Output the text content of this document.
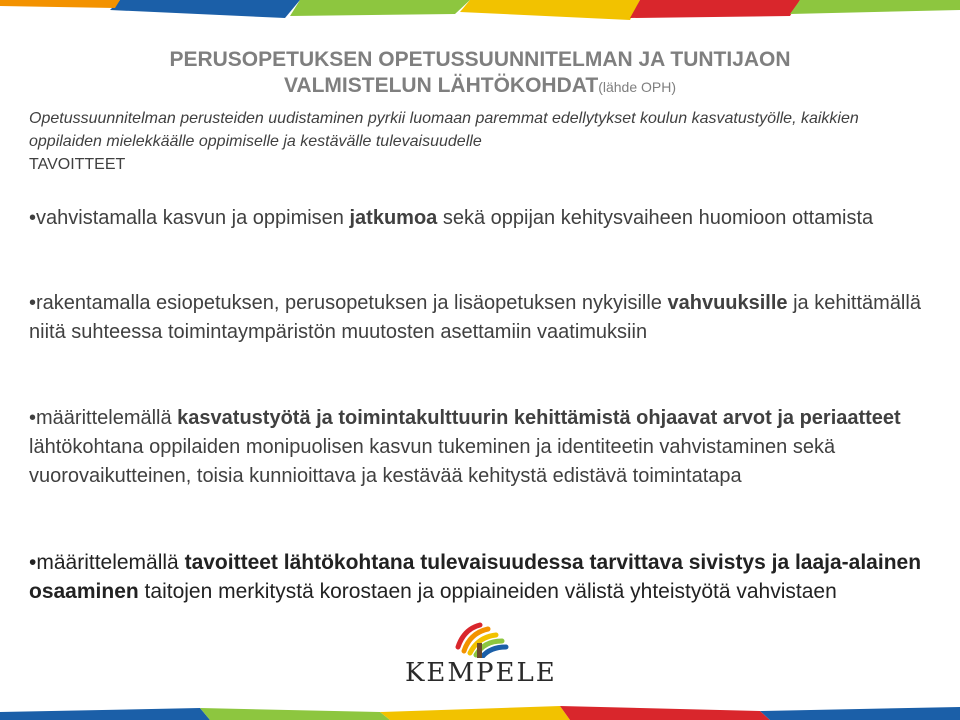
PERUSOPETUKSEN OPETUSSUUNNITELMAN JA TUNTIJAON
VALMISTELUN LÄHTÖKOHDAT(lähde OPH)
Opetussuunnitelman perusteiden uudistaminen pyrkii luomaan paremmat edellytykset koulun kasvatustyölle, kaikkien oppilaiden mielekkäälle oppimiselle ja kestävälle tulevaisuudelle
TAVOITTEET
•vahvistamalla kasvun ja oppimisen jatkumoa sekä oppijan kehitysvaiheen huomioon ottamista
•rakentamalla esiopetuksen, perusopetuksen ja lisäopetuksen nykyisille vahvuuksille ja kehittämällä niitä suhteessa toimintaympäristön muutosten asettamiin vaatimuksiin
•määrittelemällä kasvatustyötä ja toimintakulttuurin kehittämistä ohjaavat arvot ja periaatteet lähtökohtana oppilaiden monipuolisen kasvun tukeminen ja identiteetin vahvistaminen sekä vuorovaikutteinen, toisia kunnioittava ja kestävää kehitystä edistävä toimintatapa
•määrittelemällä tavoitteet lähtökohtana tulevaisuudessa tarvittava sivistys ja laaja-alainen osaaminen taitojen merkitystä korostaen ja oppiaineiden välistä yhteistyötä vahvistaen
KEMPELE
